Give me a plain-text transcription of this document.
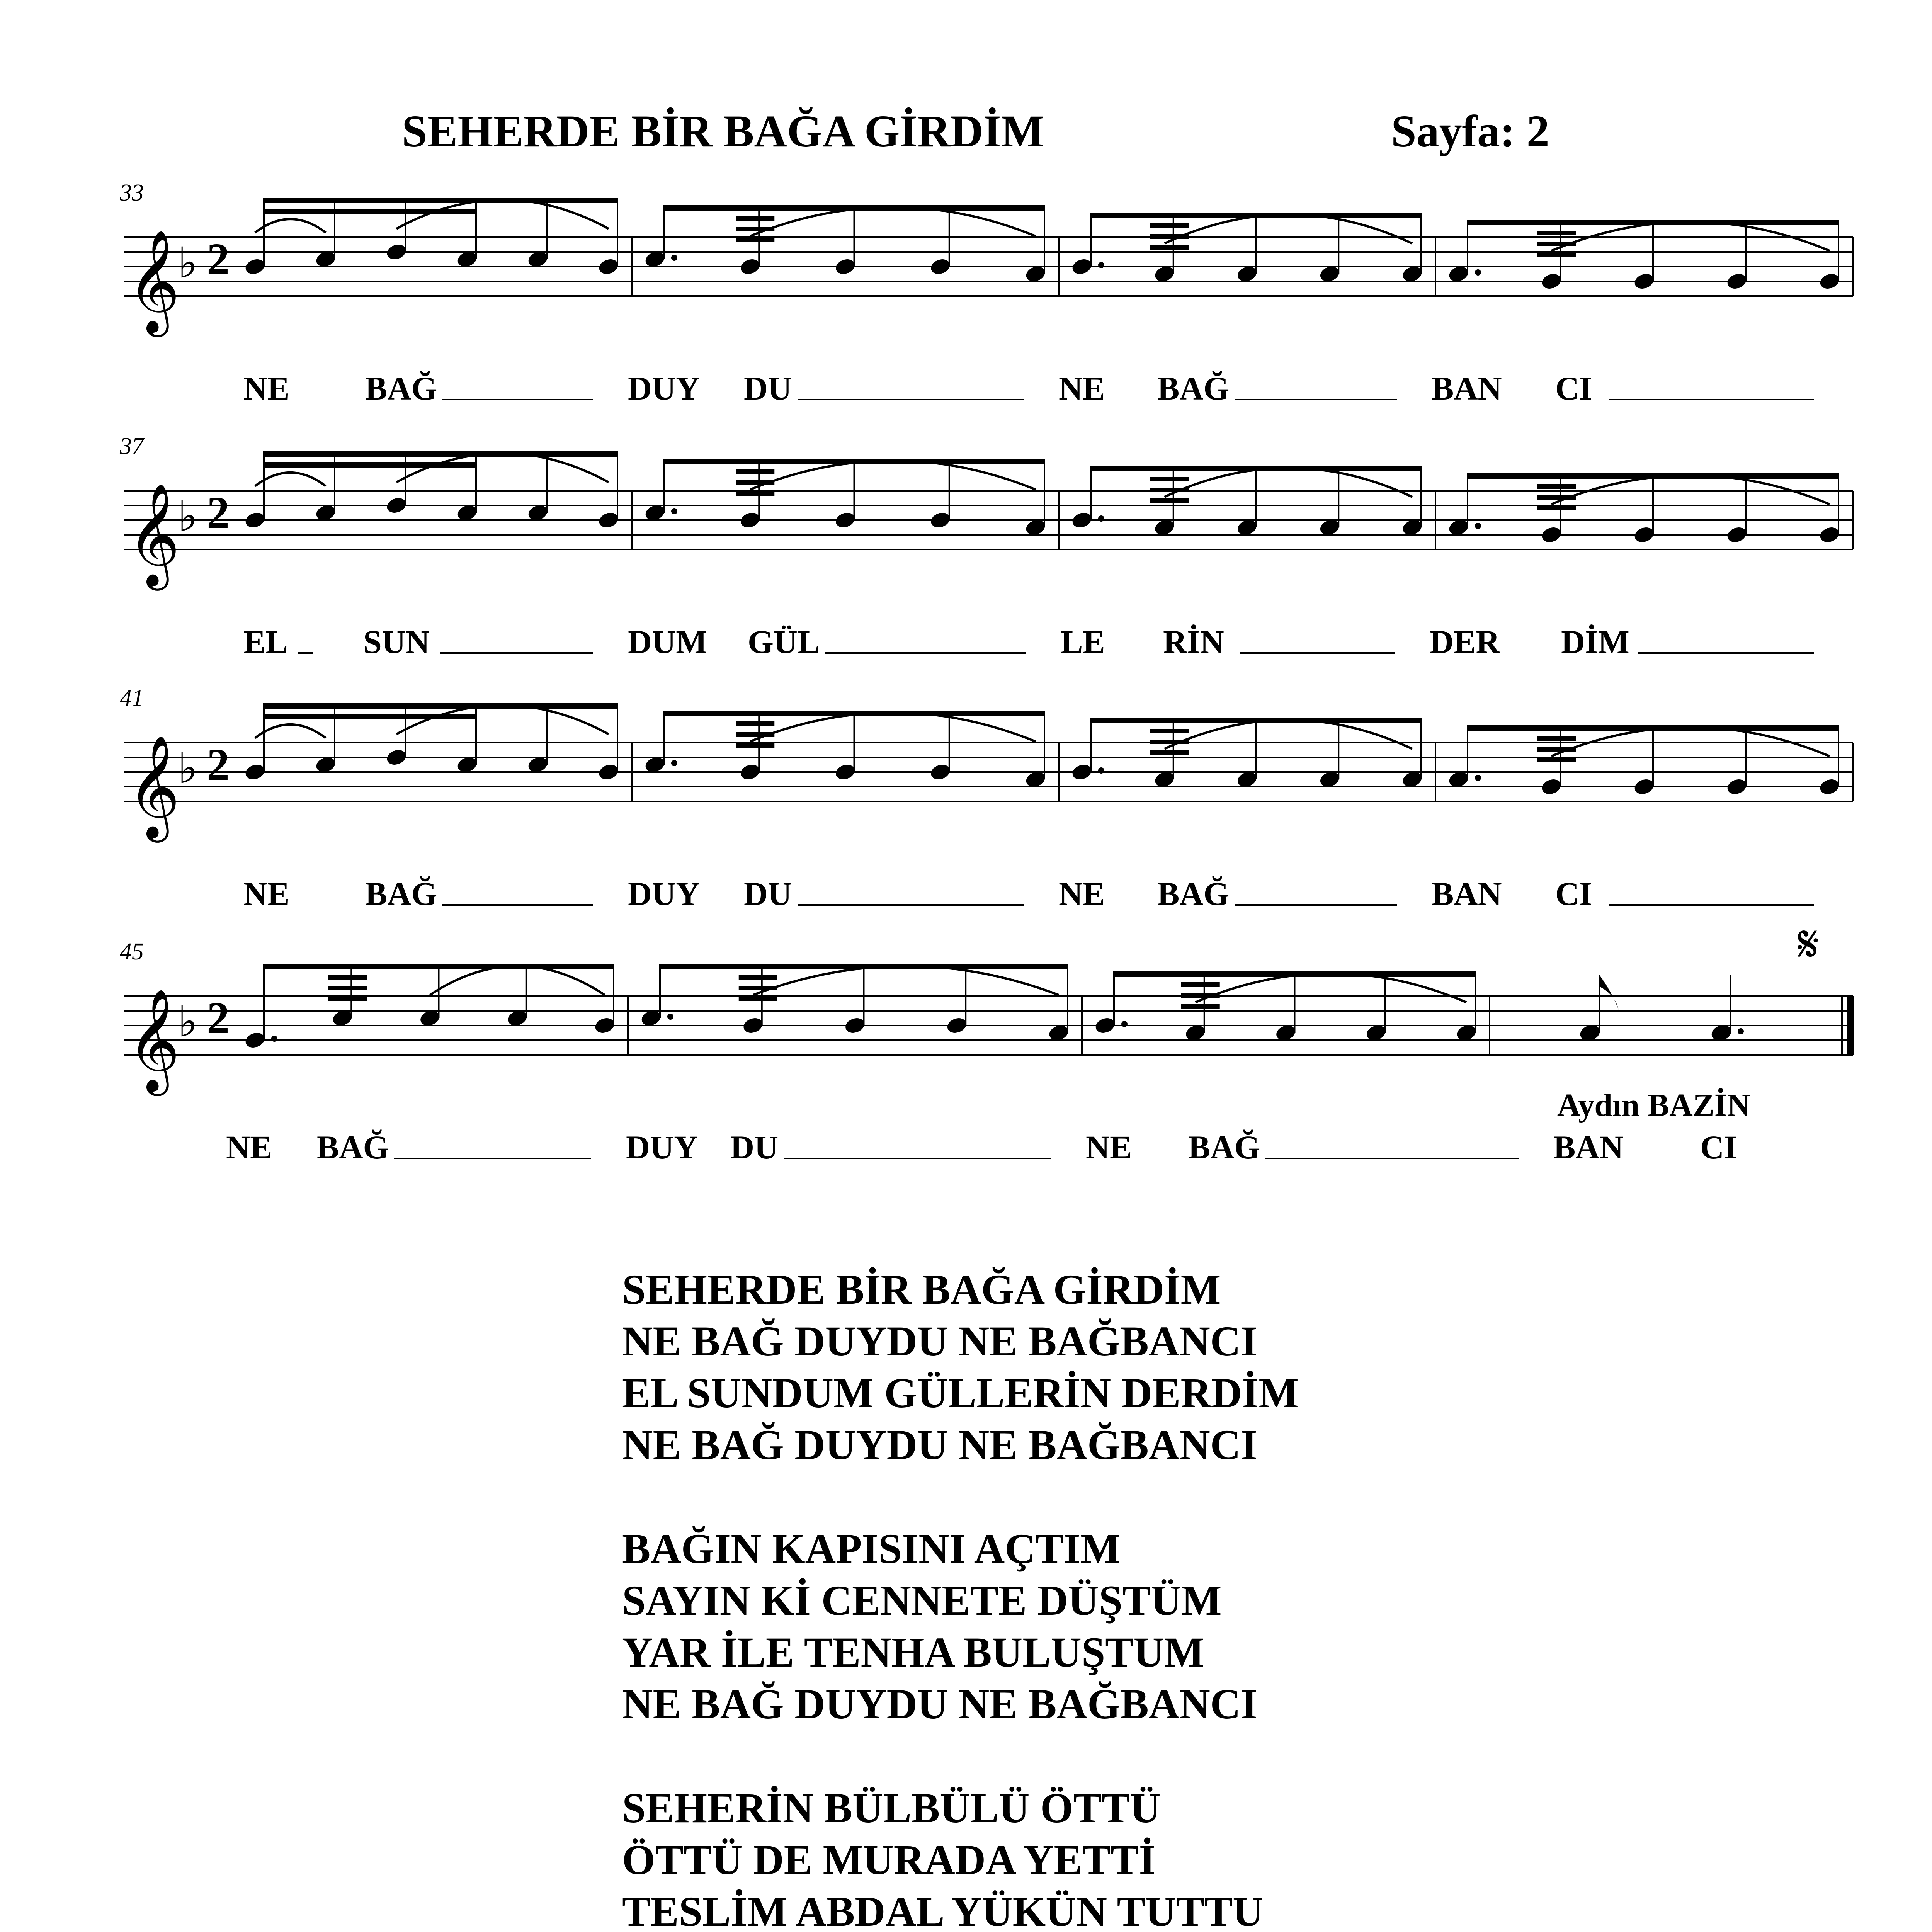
SEHERDE BİR BAĞA GİRDİM	Sayfa: 2
33
𝄞
♭ 2
NE BAĞ	DUY DU	NE BAĞ	BAN CI
37
𝄞
♭ 2
EL SUN	DUM GÜL	LE RİN	DER DİM
41
𝄞
♭ 2
NE BAĞ	DUY DU	NE BAĞ	BAN CI
45
𝄞
♭ 2
NE BAĞ	DUY DU	NE BAĞ	BAN CI
Aydın BAZİN
𝄋
SEHERDE BİR BAĞA GİRDİM
NE BAĞ DUYDU NE BAĞBANCI
EL SUNDUM GÜLLERİN DERDİM
NE BAĞ DUYDU NE BAĞBANCI
BAĞIN KAPISINI AÇTIM
SAYIN Kİ CENNETE DÜŞTÜM
YAR İLE TENHA BULUŞTUM
NE BAĞ DUYDU NE BAĞBANCI
SEHERİN BÜLBÜLÜ ÖTTÜ
ÖTTÜ DE MURADA YETTİ
TESLİM ABDAL YÜKÜN TUTTU
